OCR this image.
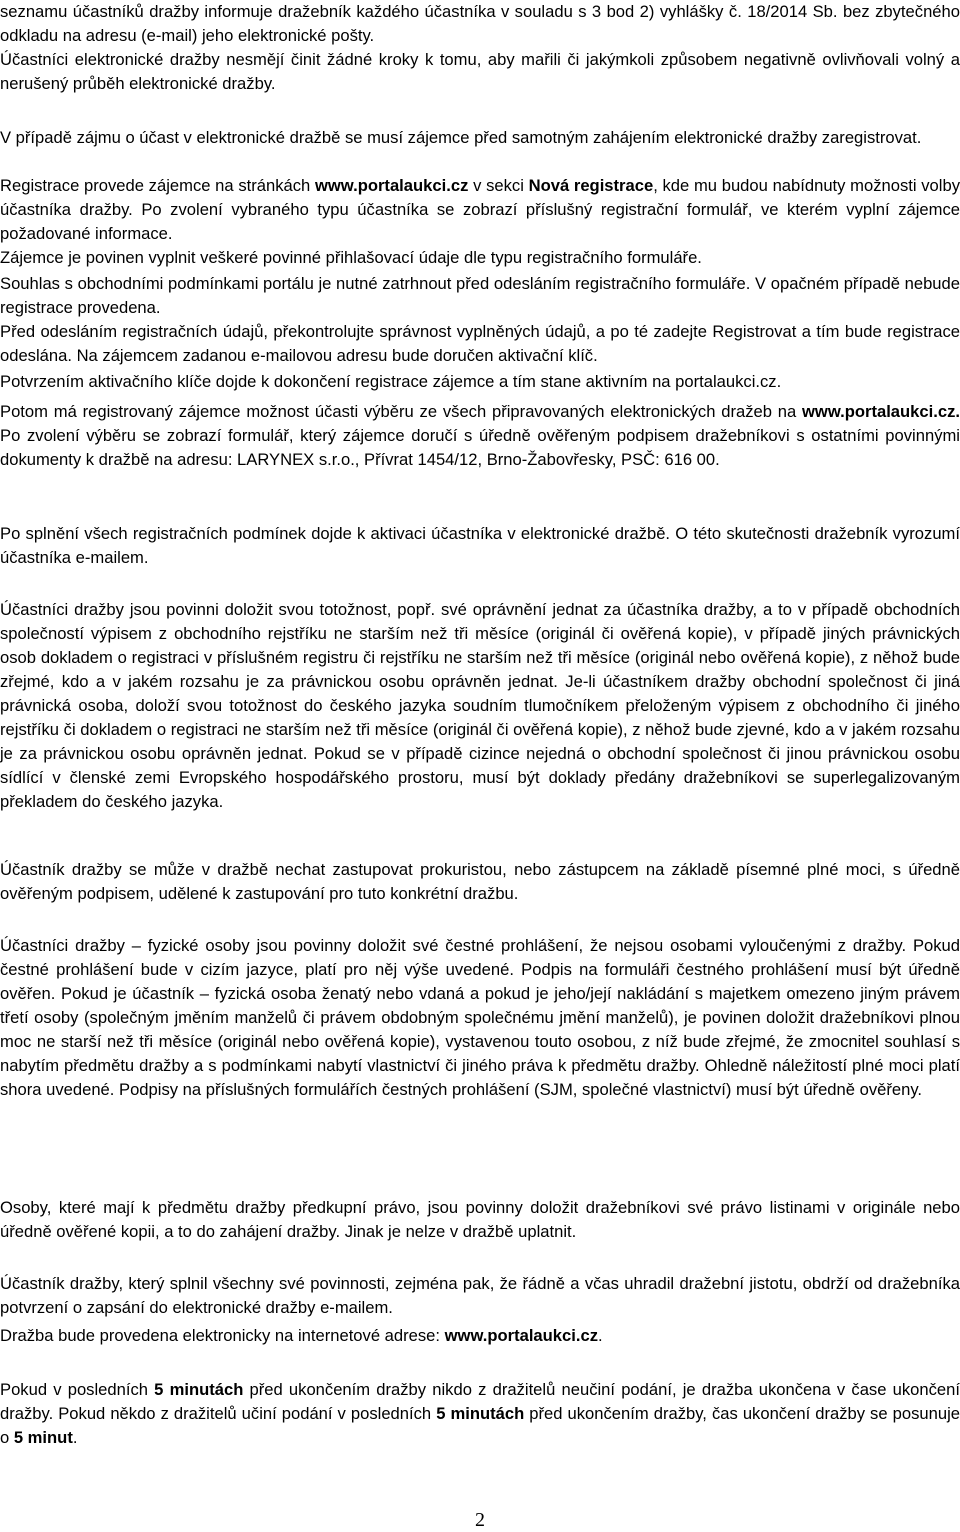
seznamu účastníků dražby informuje dražebník každého účastníka v souladu s 3 bod 2) vyhlášky č. 18/2014 Sb. bez zbytečného odkladu na adresu (e-mail) jeho elektronické pošty.

Účastníci elektronické dražby nesmějí činit žádné kroky k tomu, aby mařili či jakýmkoli způsobem negativně ovlivňovali volný a nerušený průběh elektronické dražby.

V případě zájmu o účast v elektronické dražbě se musí zájemce před samotným zahájením elektronické dražby zaregistrovat.

Registrace provede zájemce na stránkách www.portalaukci.cz v sekci Nová registrace, kde mu budou nabídnuty možnosti volby účastníka dražby. Po zvolení vybraného typu účastníka se zobrazí příslušný registrační formulář, ve kterém vyplní zájemce požadované informace.

Zájemce je povinen vyplnit veškeré povinné přihlašovací údaje dle typu registračního formuláře.

Souhlas s obchodními podmínkami portálu je nutné zatrhnout před odesláním registračního formuláře. V opačném případě nebude registrace provedena.

Před odesláním registračních údajů, překontrolujte správnost vyplněných údajů, a po té zadejte Registrovat a tím bude registrace odeslána. Na zájemcem zadanou e-mailovou adresu bude doručen aktivační klíč.

Potvrzením aktivačního klíče dojde k dokončení registrace zájemce a tím stane aktivním na portalaukci.cz.

Potom má registrovaný zájemce možnost účasti výběru ze všech připravovaných elektronických dražeb na www.portalaukci.cz. Po zvolení výběru se zobrazí formulář, který zájemce doručí s úředně ověřeným podpisem dražebníkovi s ostatními povinnými dokumenty k dražbě na adresu: LARYNEX s.r.o., Přívrat 1454/12, Brno-Žabovřesky, PSČ: 616 00.

Po splnění všech registračních podmínek dojde k aktivaci účastníka v elektronické dražbě. O této skutečnosti dražebník vyrozumí účastníka e-mailem.

Účastníci dražby jsou povinni doložit svou totožnost, popř. své oprávnění jednat za účastníka dražby, a to v případě obchodních společností výpisem z obchodního rejstříku ne starším než tři měsíce (originál či ověřená kopie), v případě jiných právnických osob dokladem o registraci v příslušném registru či rejstříku ne starším než tři měsíce (originál nebo ověřená kopie), z něhož bude zřejmé, kdo a v jakém rozsahu je za právnickou osobu oprávněn jednat. Je-li účastníkem dražby obchodní společnost či jiná právnická osoba, doloží svou totožnost do českého jazyka soudním tlumočníkem přeloženým výpisem z obchodního či jiného rejstříku či dokladem o registraci ne starším než tři měsíce (originál či ověřená kopie), z něhož bude zjevné, kdo a v jakém rozsahu je za právnickou osobu oprávněn jednat. Pokud se v případě cizince nejedná o obchodní společnost či jinou právnickou osobu sídlící v členské zemi Evropského hospodářského prostoru, musí být doklady předány dražebníkovi se superlegalizovaným překladem do českého jazyka.

Účastník dražby se může v dražbě nechat zastupovat prokuristou, nebo zástupcem na základě písemné plné moci, s úředně ověřeným podpisem, udělené k zastupování pro tuto konkrétní dražbu.

Účastníci dražby – fyzické osoby jsou povinny doložit své čestné prohlášení, že nejsou osobami vyloučenými z dražby. Pokud čestné prohlášení bude v cizím jazyce, platí pro něj výše uvedené. Podpis na formuláři čestného prohlášení musí být úředně ověřen. Pokud je účastník – fyzická osoba ženatý nebo vdaná a pokud je jeho/její nakládání s majetkem omezeno jiným právem třetí osoby (společným jměním manželů či právem obdobným společnému jmění manželů), je povinen doložit dražebníkovi plnou moc ne starší než tři měsíce (originál nebo ověřená kopie), vystavenou touto osobou, z níž bude zřejmé, že zmocnitel souhlasí s nabytím předmětu dražby a s podmínkami nabytí vlastnictví či jiného práva k předmětu dražby. Ohledně náležitostí plné moci platí shora uvedené. Podpisy na příslušných formulářích čestných prohlášení (SJM, společné vlastnictví) musí být úředně ověřeny.

Osoby, které mají k předmětu dražby předkupní právo, jsou povinny doložit dražebníkovi své právo listinami v originále nebo úředně ověřené kopii, a to do zahájení dražby. Jinak je nelze v dražbě uplatnit.

Účastník dražby, který splnil všechny své povinnosti, zejména pak, že řádně a včas uhradil dražební jistotu, obdrží od dražebníka potvrzení o zapsání do elektronické dražby e-mailem.

Dražba bude provedena elektronicky na internetové adrese: www.portalaukci.cz.

Pokud v posledních 5 minutách před ukončením dražby nikdo z dražitelů neučiní podání, je dražba ukončena v čase ukončení dražby. Pokud někdo z dražitelů učiní podání v posledních 5 minutách před ukončením dražby, čas ukončení dražby se posunuje o 5 minut.

2
